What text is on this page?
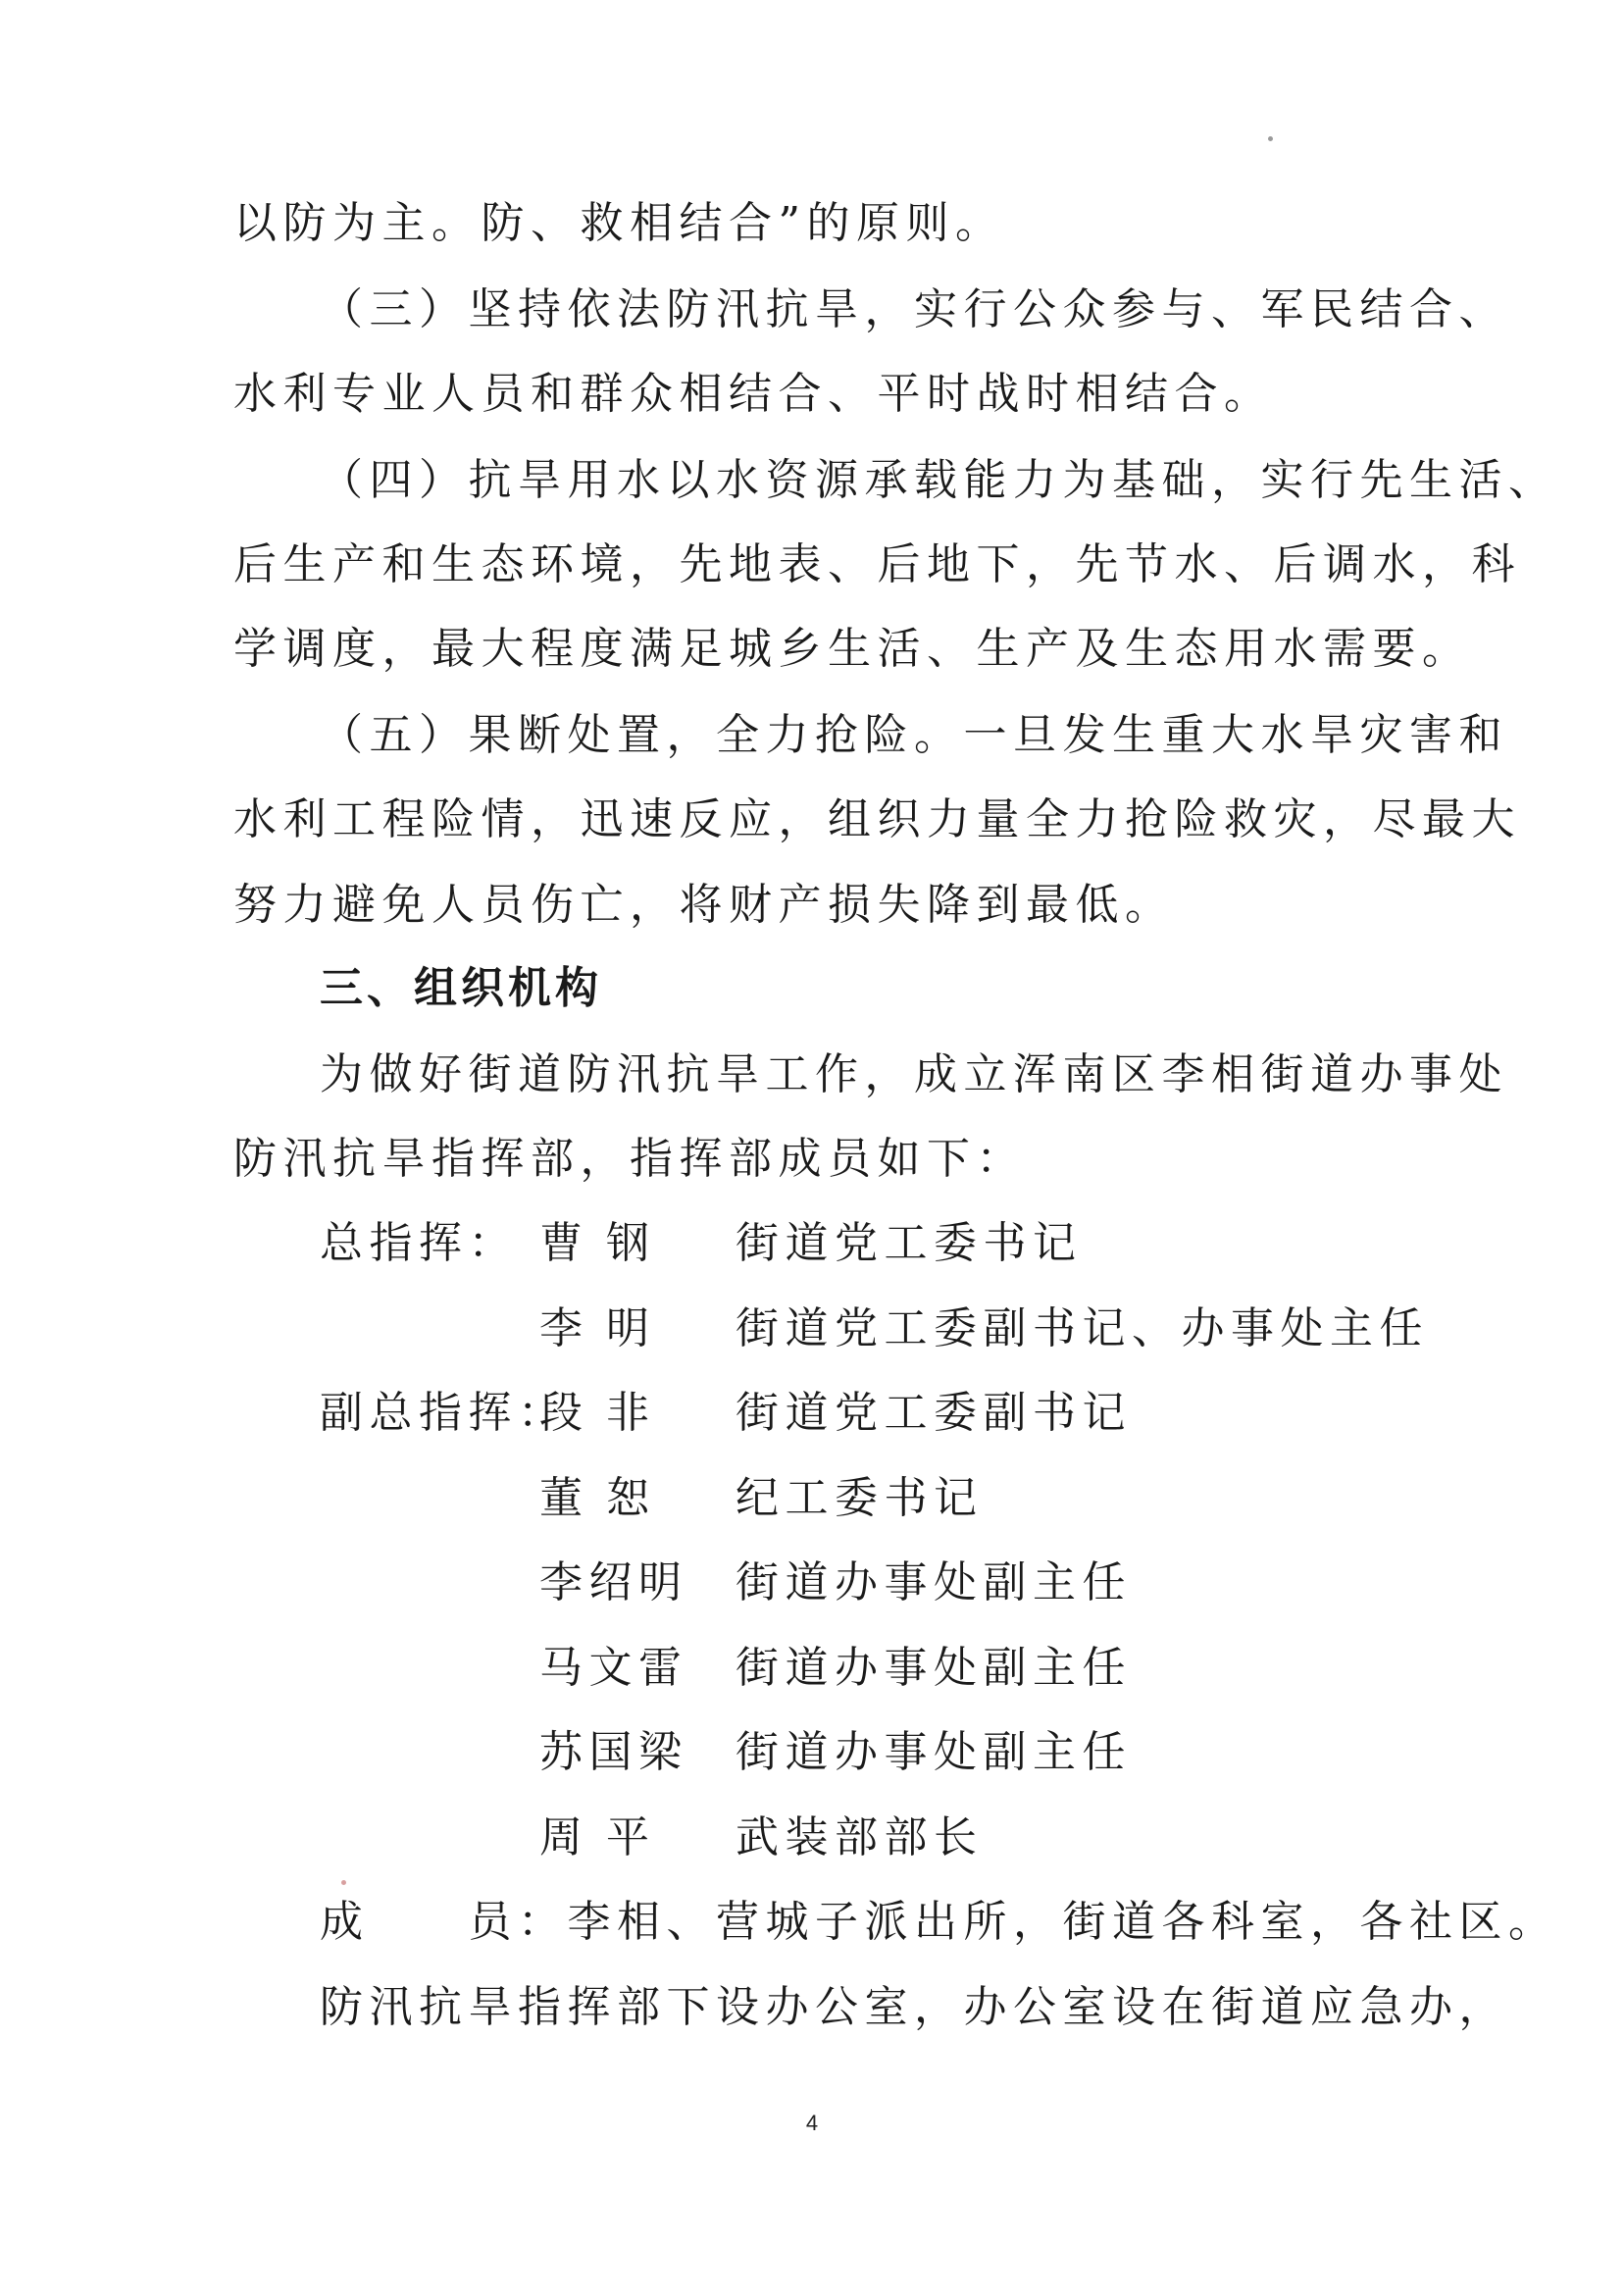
以防为主。防、救相结合”的原则。
（三）坚持依法防汛抗旱，实行公众参与、军民结合、
水利专业人员和群众相结合、平时战时相结合。
（四）抗旱用水以水资源承载能力为基础，实行先生活、
后生产和生态环境，先地表、后地下，先节水、后调水，科
学调度，最大程度满足城乡生活、生产及生态用水需要。
（五）果断处置，全力抢险。一旦发生重大水旱灾害和
水利工程险情，迅速反应，组织力量全力抢险救灾，尽最大
努力避免人员伤亡，将财产损失降到最低。
三、组织机构
为做好街道防汛抗旱工作，成立浑南区李相街道办事处
防汛抗旱指挥部，指挥部成员如下：
总指挥： 曹钢 街道党工委书记
李明 街道党工委副书记、办事处主任
副总指挥：
段非 街道党工委副书记
董恕 纪工委书记
李绍明 街道办事处副主任
马文雷 街道办事处副主任
苏国梁 街道办事处副主任
周平 武装部部长
成　　员：李相、营城子派出所，街道各科室，各社区。
防汛抗旱指挥部下设办公室，办公室设在街道应急办，
4
